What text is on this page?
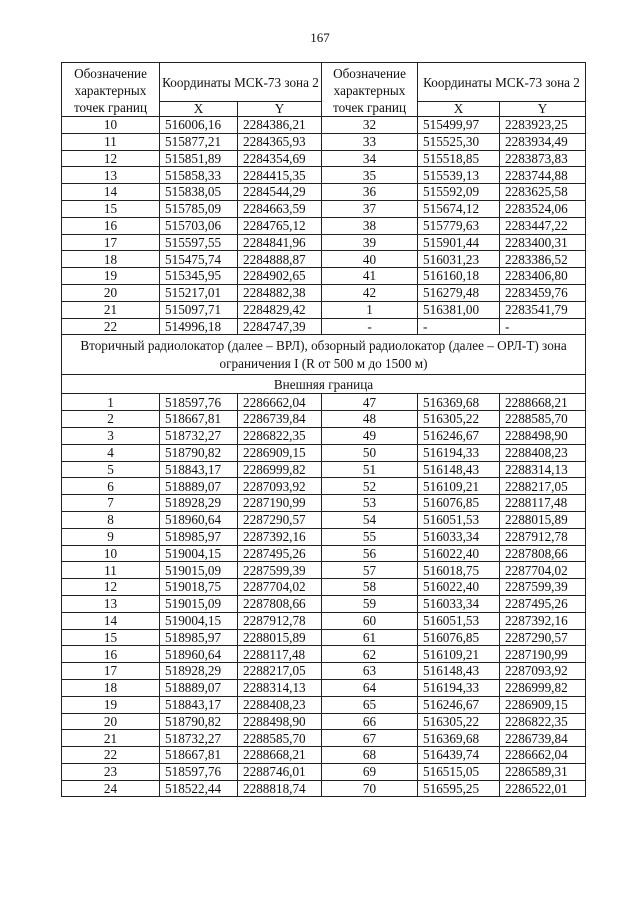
167
Обозначение характерных точек границ	Координаты МСК-73 зона 2		Обозначение характерных точек границ	Координаты МСК-73 зона 2	
	X	Y		X	Y
10	516006,16	2284386,21	32	515499,97	2283923,25
11	515877,21	2284365,93	33	515525,30	2283934,49
12	515851,89	2284354,69	34	515518,85	2283873,83
13	515858,33	2284415,35	35	515539,13	2283744,88
14	515838,05	2284544,29	36	515592,09	2283625,58
15	515785,09	2284663,59	37	515674,12	2283524,06
16	515703,06	2284765,12	38	515779,63	2283447,22
17	515597,55	2284841,96	39	515901,44	2283400,31
18	515475,74	2284888,87	40	516031,23	2283386,52
19	515345,95	2284902,65	41	516160,18	2283406,80
20	515217,01	2284882,38	42	516279,48	2283459,76
21	515097,71	2284829,42	1	516381,00	2283541,79
22	514996,18	2284747,39	-	-	-
Вторичный радиолокатор (далее – ВРЛ), обзорный радиолокатор (далее – ОРЛ-Т) зона ограничения I (R от 500 м до 1500 м)					
Внешняя граница					
1	518597,76	2286662,04	47	516369,68	2288668,21
2	518667,81	2286739,84	48	516305,22	2288585,70
3	518732,27	2286822,35	49	516246,67	2288498,90
4	518790,82	2286909,15	50	516194,33	2288408,23
5	518843,17	2286999,82	51	516148,43	2288314,13
6	518889,07	2287093,92	52	516109,21	2288217,05
7	518928,29	2287190,99	53	516076,85	2288117,48
8	518960,64	2287290,57	54	516051,53	2288015,89
9	518985,97	2287392,16	55	516033,34	2287912,78
10	519004,15	2287495,26	56	516022,40	2287808,66
11	519015,09	2287599,39	57	516018,75	2287704,02
12	519018,75	2287704,02	58	516022,40	2287599,39
13	519015,09	2287808,66	59	516033,34	2287495,26
14	519004,15	2287912,78	60	516051,53	2287392,16
15	518985,97	2288015,89	61	516076,85	2287290,57
16	518960,64	2288117,48	62	516109,21	2287190,99
17	518928,29	2288217,05	63	516148,43	2287093,92
18	518889,07	2288314,13	64	516194,33	2286999,82
19	518843,17	2288408,23	65	516246,67	2286909,15
20	518790,82	2288498,90	66	516305,22	2286822,35
21	518732,27	2288585,70	67	516369,68	2286739,84
22	518667,81	2288668,21	68	516439,74	2286662,04
23	518597,76	2288746,01	69	516515,05	2286589,31
24	518522,44	2288818,74	70	516595,25	2286522,01
